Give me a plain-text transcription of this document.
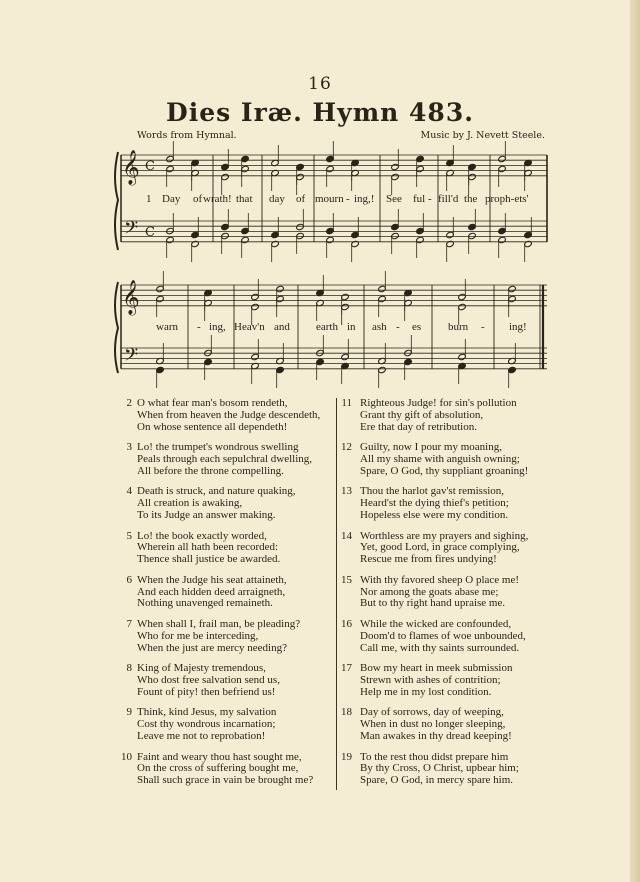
16
Dies Iræ. Hymn 483.
Words from Hymnal.	Music by J. Nevett Steele.
𝄞
𝄢
C
C
𝄞
𝄢
1 Day of wrath! that day of mourn - ing,! See ful - fill'd the proph-ets'
warn - ing, Heav'n and earth in ash - es burn - ing!
2 O what fear man's bosom rendeth,
When from heaven the Judge descendeth,
On whose sentence all dependeth!
3 Lo! the trumpet's wondrous swelling
Peals through each sepulchral dwelling,
All before the throne compelling.
4 Death is struck, and nature quaking,
All creation is awaking,
To its Judge an answer making.
5 Lo! the book exactly worded,
Wherein all hath been recorded:
Thence shall justice be awarded.
6 When the Judge his seat attaineth,
And each hidden deed arraigneth,
Nothing unavenged remaineth.
7 When shall I, frail man, be pleading?
Who for me be interceding,
When the just are mercy needing?
8 King of Majesty tremendous,
Who dost free salvation send us,
Fount of pity! then befriend us!
9 Think, kind Jesus, my salvation
Cost thy wondrous incarnation;
Leave me not to reprobation!
10 Faint and weary thou hast sought me,
On the cross of suffering bought me,
Shall such grace in vain be brought me?
11 Righteous Judge! for sin's pollution
Grant thy gift of absolution,
Ere that day of retribution.
12 Guilty, now I pour my moaning,
All my shame with anguish owning;
Spare, O God, thy suppliant groaning!
13 Thou the harlot gav'st remission,
Heard'st the dying thief's petition;
Hopeless else were my condition.
14 Worthless are my prayers and sighing,
Yet, good Lord, in grace complying,
Rescue me from fires undying!
15 With thy favored sheep O place me!
Nor among the goats abase me;
But to thy right hand upraise me.
16 While the wicked are confounded,
Doom'd to flames of woe unbounded,
Call me, with thy saints surrounded.
17 Bow my heart in meek submission
Strewn with ashes of contrition;
Help me in my lost condition.
18 Day of sorrows, day of weeping,
When in dust no longer sleeping,
Man awakes in thy dread keeping!
19 To the rest thou didst prepare him
By thy Cross, O Christ, upbear him;
Spare, O God, in mercy spare him.
